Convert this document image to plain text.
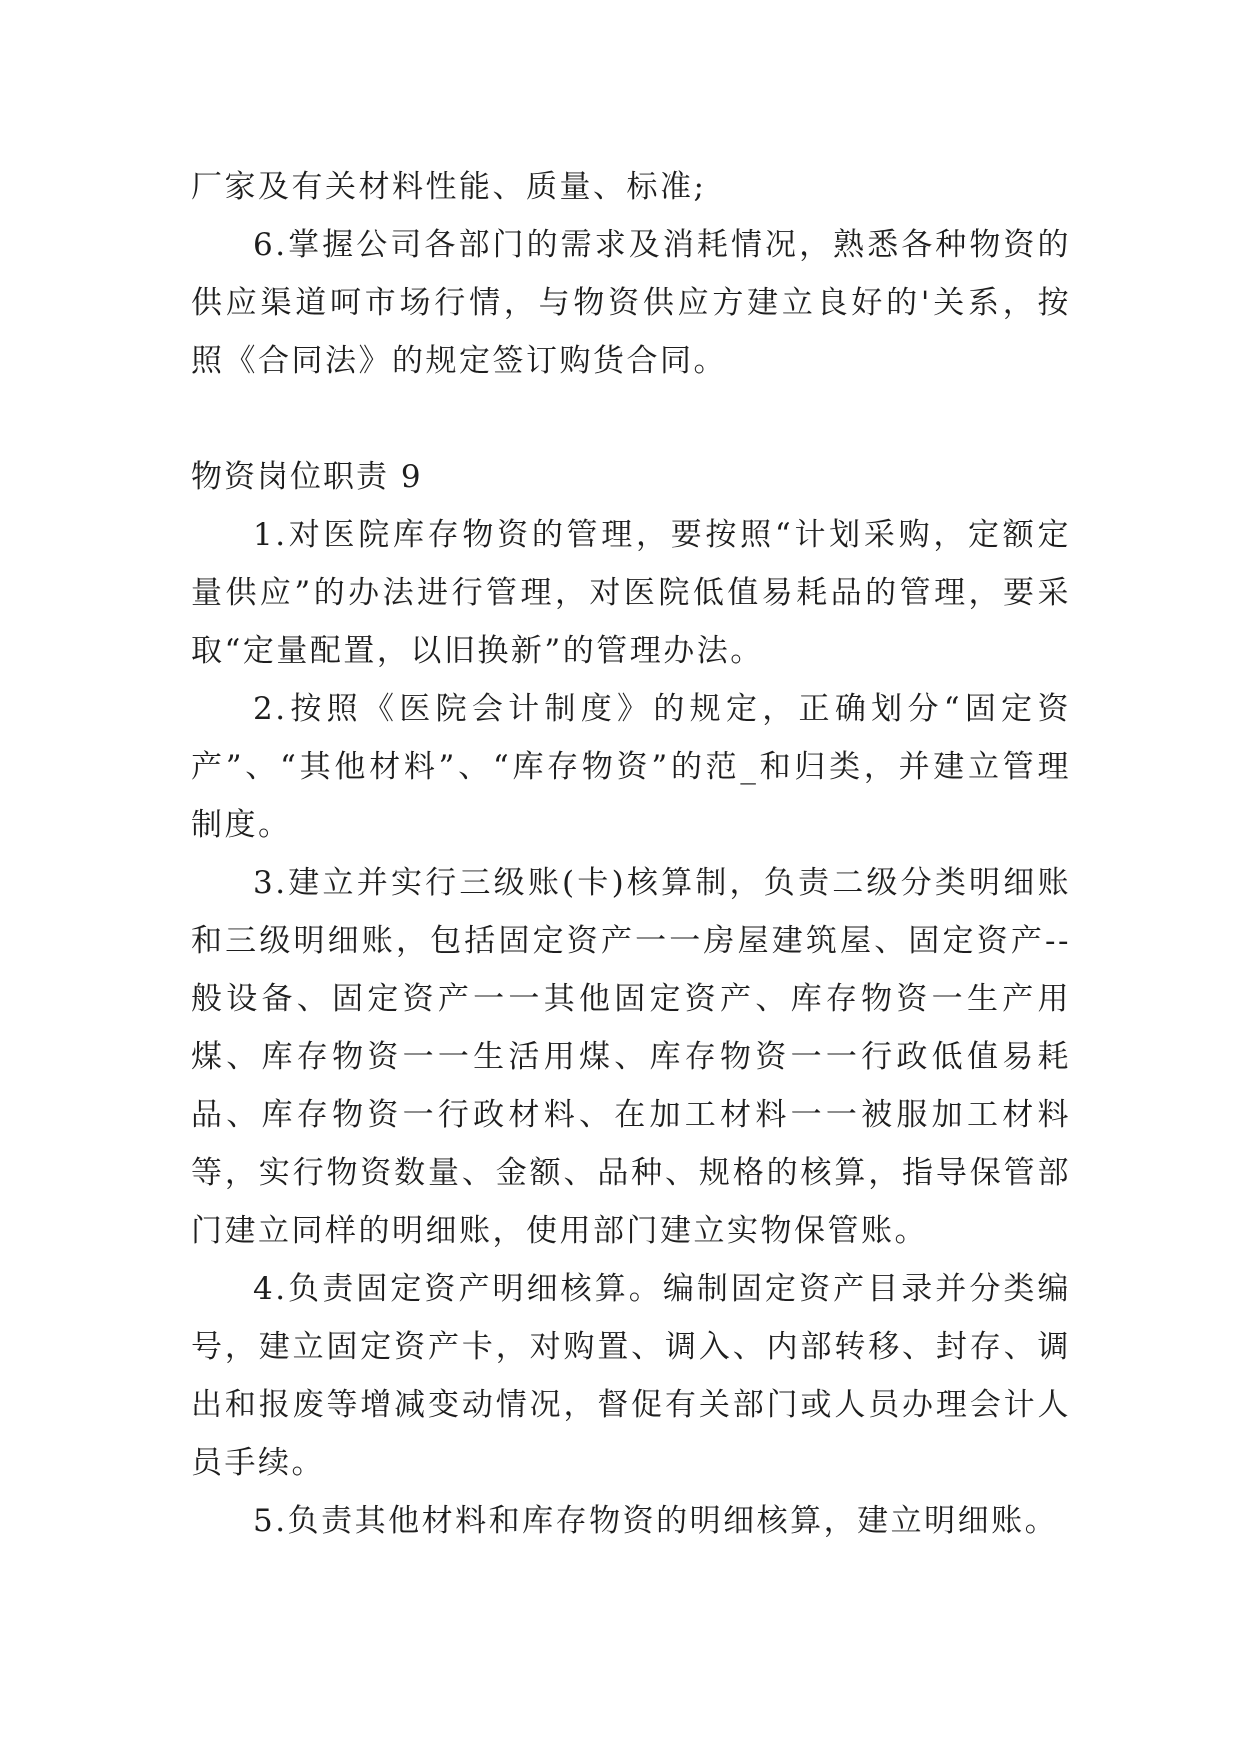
厂家及有关材料性能、质量、标准;

6.掌握公司各部门的需求及消耗情况，熟悉各种物资的供应渠道呵市场行情，与物资供应方建立良好的'关系，按照《合同法》的规定签订购货合同。

物资岗位职责 9

1.对医院库存物资的管理，要按照“计划采购，定额定量供应”的办法进行管理，对医院低值易耗品的管理，要采取“定量配置，以旧换新”的管理办法。

2.按照《医院会计制度》的规定，正确划分“固定资产”、“其他材料”、“库存物资”的范_和归类，并建立管理制度。

3.建立并实行三级账(卡)核算制，负责二级分类明细账和三级明细账，包括固定资产一一房屋建筑屋、固定资产--般设备、固定资产一一其他固定资产、库存物资一生产用煤、库存物资一一生活用煤、库存物资一一行政低值易耗品、库存物资一行政材料、在加工材料一一被服加工材料等，实行物资数量、金额、品种、规格的核算，指导保管部门建立同样的明细账，使用部门建立实物保管账。

4.负责固定资产明细核算。编制固定资产目录并分类编号，建立固定资产卡，对购置、调入、内部转移、封存、调出和报废等增减变动情况，督促有关部门或人员办理会计人员手续。

5.负责其他材料和库存物资的明细核算，建立明细账。
